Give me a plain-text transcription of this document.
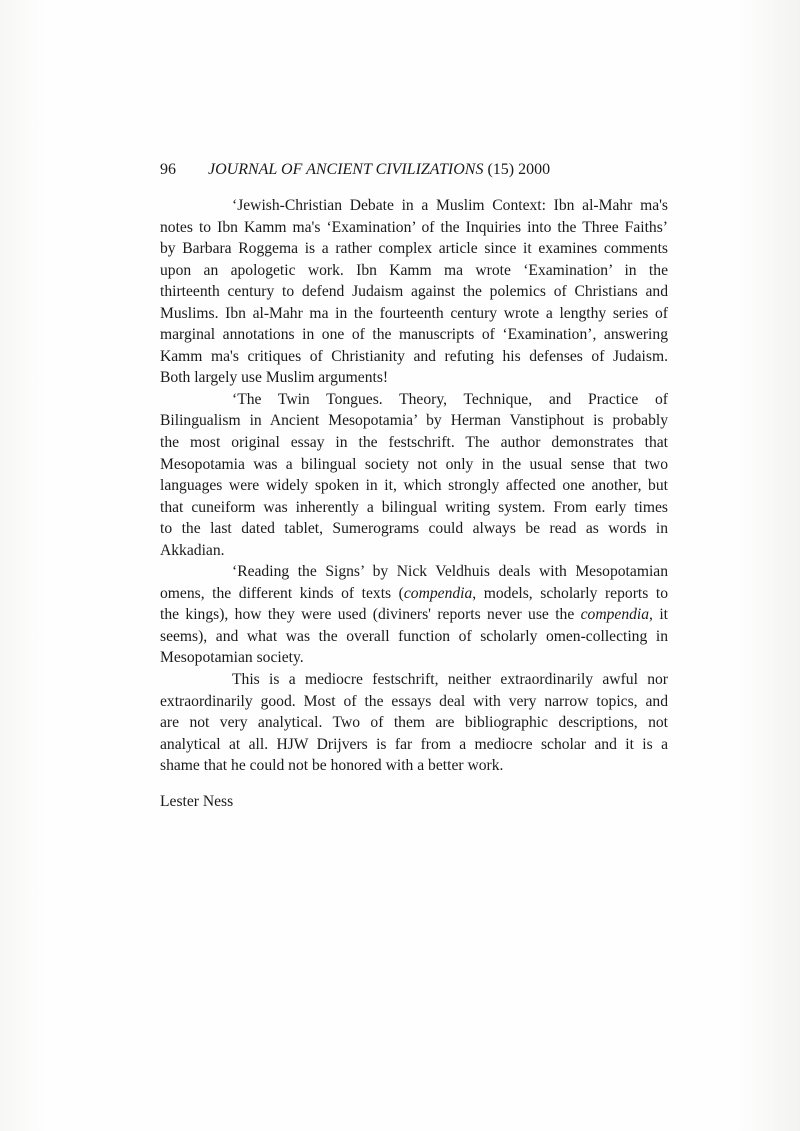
96 JOURNAL OF ANCIENT CIVILIZATIONS (15) 2000
‘Jewish-Christian Debate in a Muslim Context: Ibn al-Mahr ma's
notes to Ibn Kamm ma's ‘Examination’ of the Inquiries into the Three Faiths’
by Barbara Roggema is a rather complex article since it examines comments
upon an apologetic work. Ibn Kamm ma wrote ‘Examination’ in the
thirteenth century to defend Judaism against the polemics of Christians and
Muslims. Ibn al-Mahr ma in the fourteenth century wrote a lengthy series of
marginal annotations in one of the manuscripts of ‘Examination’, answering
Kamm ma's critiques of Christianity and refuting his defenses of Judaism.
Both largely use Muslim arguments!
‘The Twin Tongues. Theory, Technique, and Practice of
Bilingualism in Ancient Mesopotamia’ by Herman Vanstiphout is probably
the most original essay in the festschrift. The author demonstrates that
Mesopotamia was a bilingual society not only in the usual sense that two
languages were widely spoken in it, which strongly affected one another, but
that cuneiform was inherently a bilingual writing system. From early times
to the last dated tablet, Sumerograms could always be read as words in
Akkadian.
‘Reading the Signs’ by Nick Veldhuis deals with Mesopotamian
omens, the different kinds of texts (compendia, models, scholarly reports to
the kings), how they were used (diviners' reports never use the compendia, it
seems), and what was the overall function of scholarly omen-collecting in
Mesopotamian society.
This is a mediocre festschrift, neither extraordinarily awful nor
extraordinarily good. Most of the essays deal with very narrow topics, and
are not very analytical. Two of them are bibliographic descriptions, not
analytical at all. HJW Drijvers is far from a mediocre scholar and it is a
shame that he could not be honored with a better work.
Lester Ness
